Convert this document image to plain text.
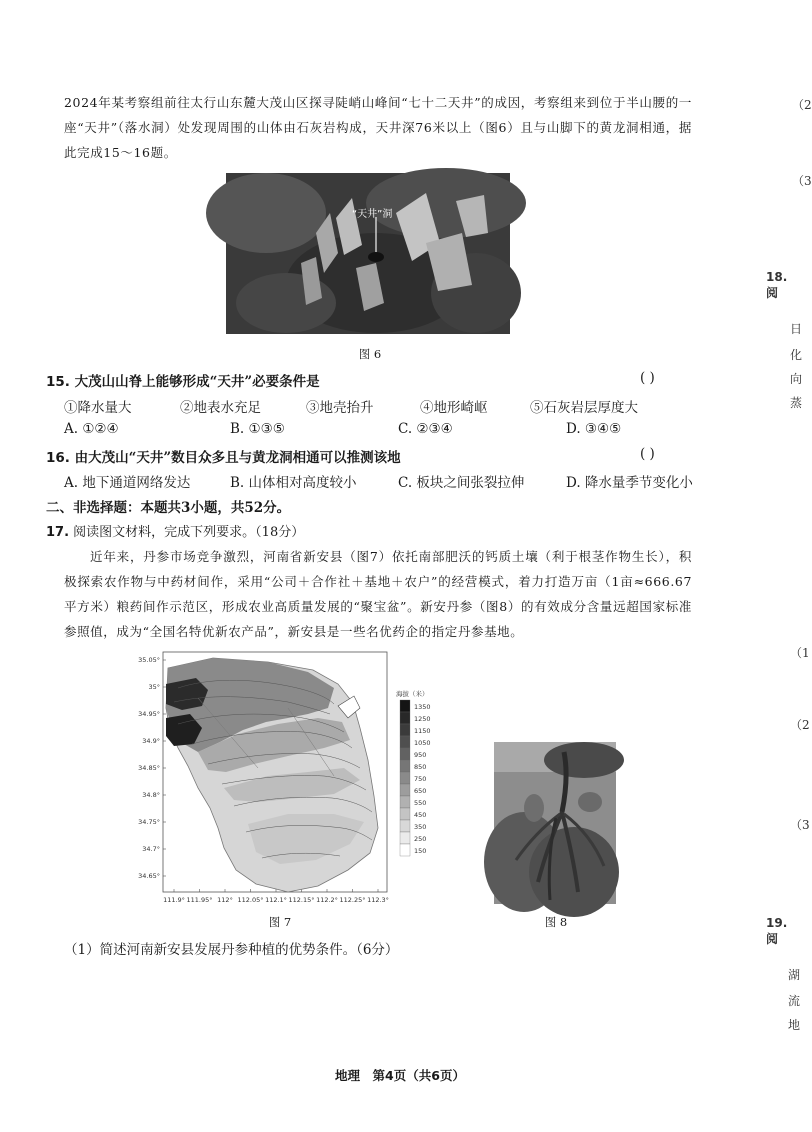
2024年某考察组前往太行山东麓大茂山区探寻陡峭山峰间“七十二天井”的成因，考察组来到位于半山腰的一座“天井”（落水洞）处发现周围的山体由石灰岩构成，天井深76米以上（图6）且与山脚下的黄龙洞相通，据此完成15～16题。
“天井”洞
图 6
15. 大茂山山脊上能够形成“天井”必要条件是	( )
①降水量大	②地表水充足	③地壳抬升	④地形崎岖	⑤石灰岩层厚度大
A. ①②④	B. ①③⑤	C. ②③④	D. ③④⑤
16. 由大茂山“天井”数目众多且与黄龙洞相通可以推测该地	( )
A. 地下通道网络发达	B. 山体相对高度较小	C. 板块之间张裂拉伸	D. 降水量季节变化小
二、非选择题：本题共3小题，共52分。
17. 阅读图文材料，完成下列要求。（18分）
近年来，丹参市场竞争激烈，河南省新安县（图7）依托南部肥沃的钙质土壤（利于根茎作物生长），积极探索农作物与中药材间作，采用“公司＋合作社＋基地＋农户”的经营模式，着力打造万亩（1亩≈666.67平方米）粮药间作示范区，形成农业高质量发展的“聚宝盆”。新安丹参（图8）的有效成分含量远超国家标准参照值，成为“全国名特优新农产品”，新安县是一些名优药企的指定丹参基地。
35.05°
35°
34.95°
34.9°
34.85°
34.8°
34.75°
34.7°
34.65°
111.9° 111.95° 112° 112.05° 112.1° 112.15° 112.2° 112.25° 112.3°
1350
1250
1150
1050
950
850
750
650
550
450
350
250
150
海拔（米）
图 7	图 8
（1）简述河南新安县发展丹参种植的优势条件。（6分）
地理　第4页（共6页）
（2
（3
18. 阅
日
化
向
蒸
（1
（2
（3
19. 阅
湖
流
地
